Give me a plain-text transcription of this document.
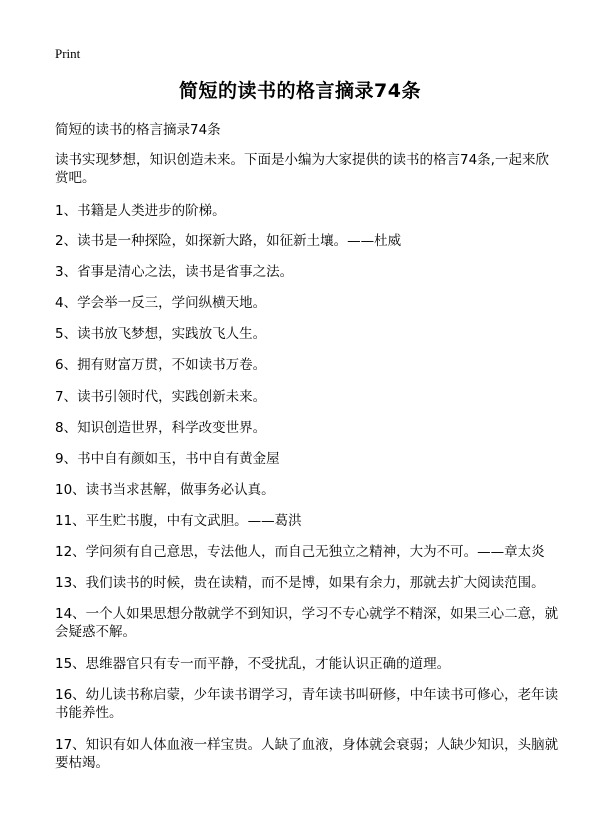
Print
简短的读书的格言摘录74条
简短的读书的格言摘录74条
读书实现梦想，知识创造未来。下面是小编为大家提供的读书的格言74条,一起来欣赏吧。
1、书籍是人类进步的阶梯。
2、读书是一种探险，如探新大路，如征新土壤。——杜威
3、省事是清心之法，读书是省事之法。
4、学会举一反三，学问纵横天地。
5、读书放飞梦想，实践放飞人生。
6、拥有财富万贯，不如读书万卷。
7、读书引领时代，实践创新未来。
8、知识创造世界，科学改变世界。
9、书中自有颜如玉，书中自有黄金屋
10、读书当求甚解，做事务必认真。
11、平生贮书腹，中有文武胆。——葛洪
12、学问须有自己意思，专法他人，而自己无独立之精神，大为不可。——章太炎
13、我们读书的时候，贵在读精，而不是博，如果有余力，那就去扩大阅读范围。
14、一个人如果思想分散就学不到知识，学习不专心就学不精深，如果三心二意，就会疑惑不解。
15、思维器官只有专一而平静，不受扰乱，才能认识正确的道理。
16、幼儿读书称启蒙，少年读书谓学习，青年读书叫研修，中年读书可修心，老年读书能养性。
17、知识有如人体血液一样宝贵。人缺了血液，身体就会衰弱；人缺少知识，头脑就要枯竭。
